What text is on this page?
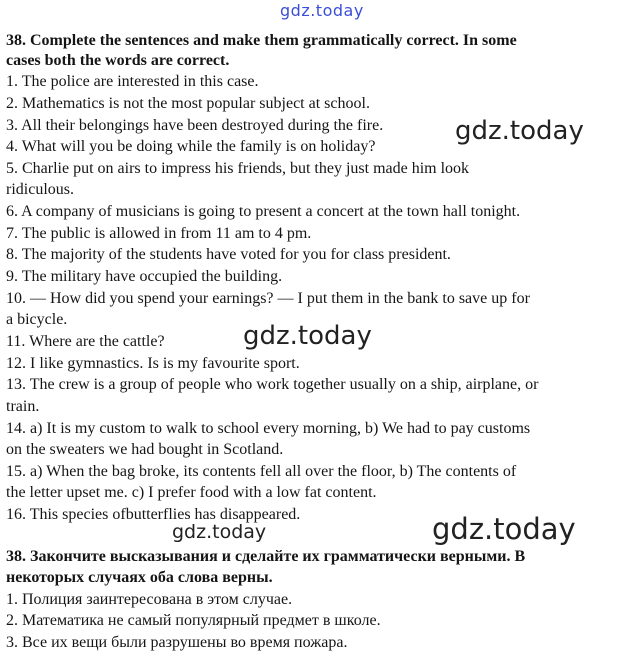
gdz.today
38. Complete the sentences and make them grammatically correct. In some
cases both the words are correct.
1. The police are interested in this case.
2. Mathematics is not the most popular subject at school.
3. All their belongings have been destroyed during the fire.
4. What will you be doing while the family is on holiday?
5. Charlie put on airs to impress his friends, but they just made him look
ridiculous.
6. A company of musicians is going to present a concert at the town hall tonight.
7. The public is allowed in from 11 am to 4 pm.
8. The majority of the students have voted for you for class president.
9. The military have occupied the building.
10. — How did you spend your earnings? — I put them in the bank to save up for
a bicycle.
11. Where are the cattle?
12. I like gymnastics. Is is my favourite sport.
13. The crew is a group of people who work together usually on a ship, airplane, or
train.
14. a) It is my custom to walk to school every morning, b) We had to pay customs
on the sweaters we had bought in Scotland.
15. a) When the bag broke, its contents fell all over the floor, b) The contents of
the letter upset me. c) I prefer food with a low fat content.
16. This species ofbutterflies has disappeared.
38. Закончите высказывания и сделайте их грамматически верными. В
некоторых случаях оба слова верны.
1. Полиция заинтересована в этом случае.
2. Математика не самый популярный предмет в школе.
3. Все их вещи были разрушены во время пожара.
gdz.today
gdz.today
gdz.today	gdz.today
